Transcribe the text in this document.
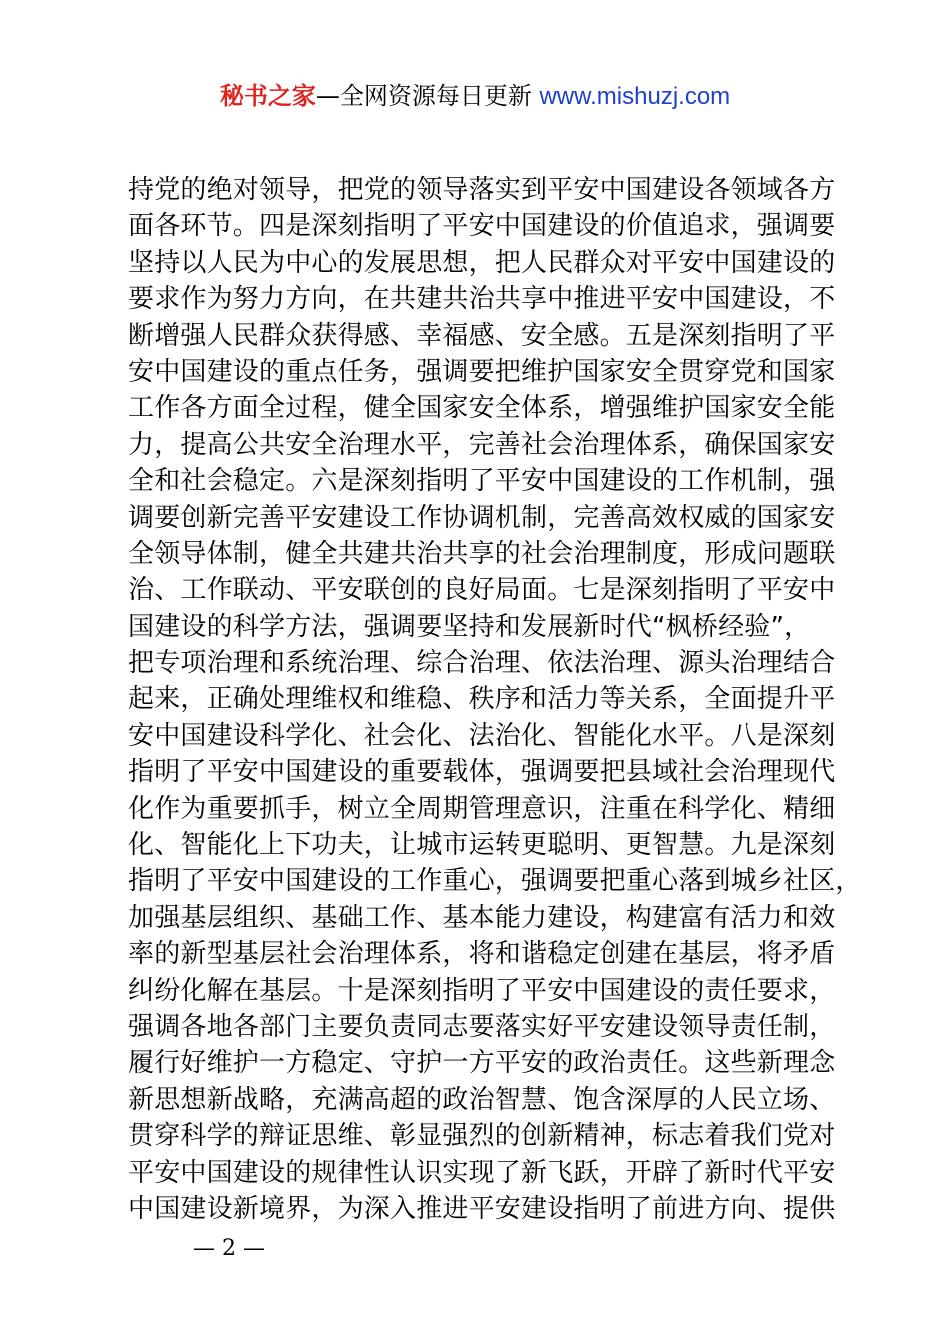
秘书之家—全网资源每日更新 www.mishuzj.com
持党的绝对领导，把党的领导落实到平安中国建设各领域各方
面各环节。四是深刻指明了平安中国建设的价值追求，强调要
坚持以人民为中心的发展思想，把人民群众对平安中国建设的
要求作为努力方向，在共建共治共享中推进平安中国建设，不
断增强人民群众获得感、幸福感、安全感。五是深刻指明了平
安中国建设的重点任务，强调要把维护国家安全贯穿党和国家
工作各方面全过程，健全国家安全体系，增强维护国家安全能
力，提高公共安全治理水平，完善社会治理体系，确保国家安
全和社会稳定。六是深刻指明了平安中国建设的工作机制，强
调要创新完善平安建设工作协调机制，完善高效权威的国家安
全领导体制，健全共建共治共享的社会治理制度，形成问题联
治、工作联动、平安联创的良好局面。七是深刻指明了平安中
国建设的科学方法，强调要坚持和发展新时代“枫桥经验”，
把专项治理和系统治理、综合治理、依法治理、源头治理结合
起来，正确处理维权和维稳、秩序和活力等关系，全面提升平
安中国建设科学化、社会化、法治化、智能化水平。八是深刻
指明了平安中国建设的重要载体，强调要把县域社会治理现代
化作为重要抓手，树立全周期管理意识，注重在科学化、精细
化、智能化上下功夫，让城市运转更聪明、更智慧。九是深刻
指明了平安中国建设的工作重心，强调要把重心落到城乡社区，
加强基层组织、基础工作、基本能力建设，构建富有活力和效
率的新型基层社会治理体系，将和谐稳定创建在基层，将矛盾
纠纷化解在基层。十是深刻指明了平安中国建设的责任要求，
强调各地各部门主要负责同志要落实好平安建设领导责任制，
履行好维护一方稳定、守护一方平安的政治责任。这些新理念
新思想新战略，充满高超的政治智慧、饱含深厚的人民立场、
贯穿科学的辩证思维、彰显强烈的创新精神，标志着我们党对
平安中国建设的规律性认识实现了新飞跃，开辟了新时代平安
中国建设新境界，为深入推进平安建设指明了前进方向、提供
— 2 —
